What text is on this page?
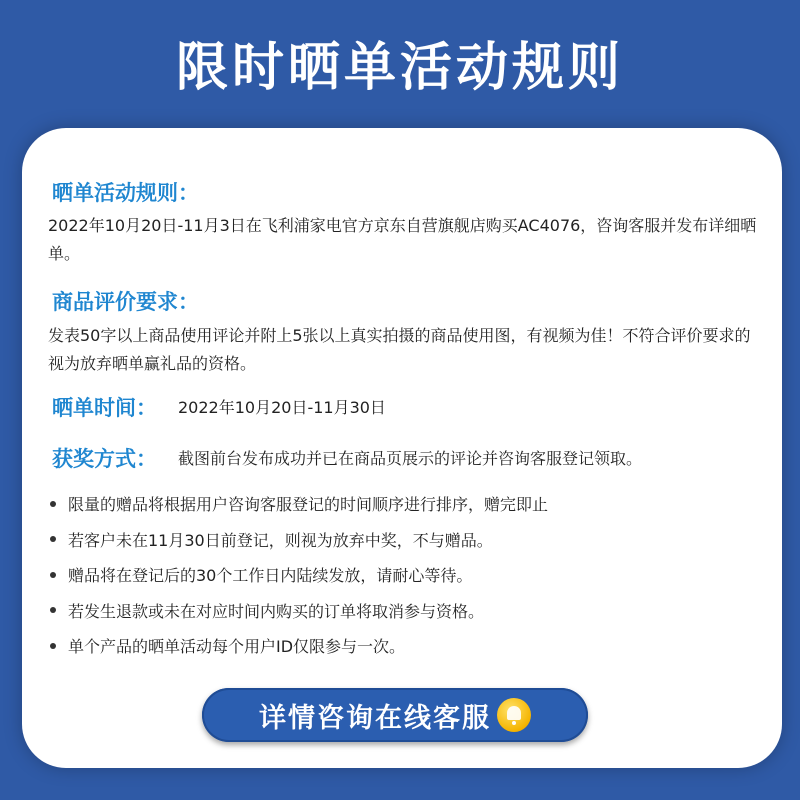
限时晒单活动规则
晒单活动规则：
2022年10月20日-11月3日在飞利浦家电官方京东自营旗舰店购买AC4076，咨询客服并发布详细晒单。
商品评价要求：
发表50字以上商品使用评论并附上5张以上真实拍摄的商品使用图，有视频为佳！不符合评价要求的视为放弃晒单赢礼品的资格。
晒单时间： 2022年10月20日-11月30日
获奖方式： 截图前台发布成功并已在商品页展示的评论并咨询客服登记领取。
限量的赠品将根据用户咨询客服登记的时间顺序进行排序，赠完即止
若客户未在11月30日前登记，则视为放弃中奖，不与赠品。
赠品将在登记后的30个工作日内陆续发放，请耐心等待。
若发生退款或未在对应时间内购买的订单将取消参与资格。
单个产品的晒单活动每个用户ID仅限参与一次。
详情咨询在线客服
